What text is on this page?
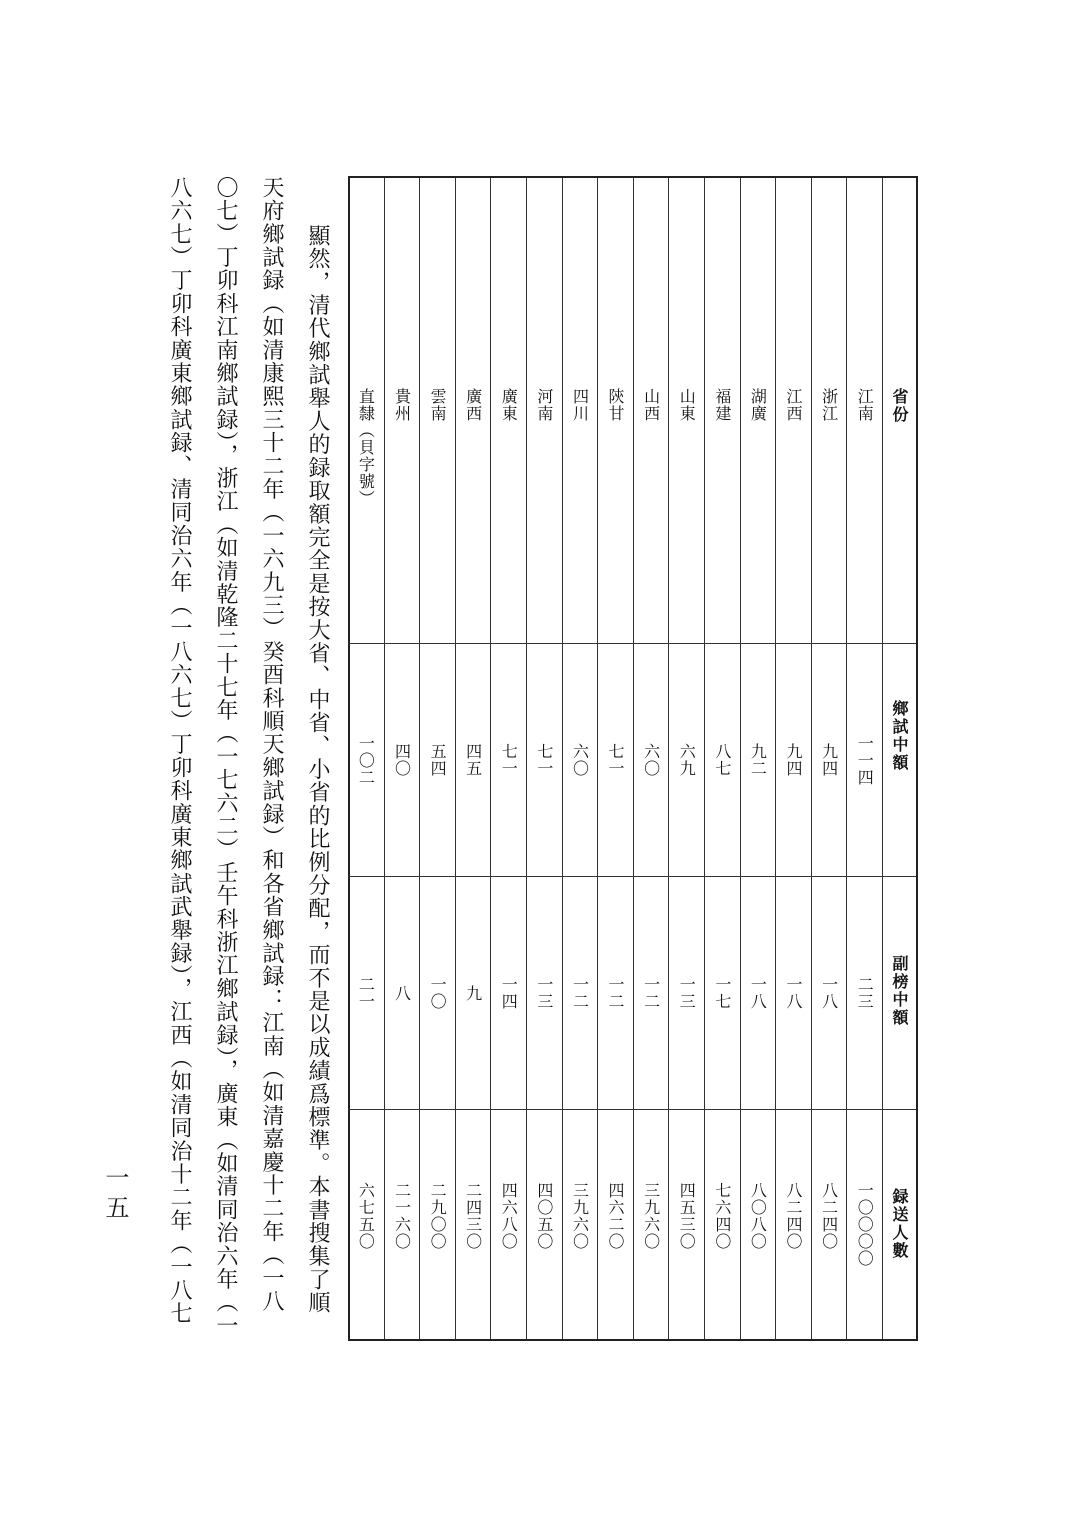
省份
鄉試中額
副榜中額
録送人數
江南
一一四
二三
一〇〇〇〇
浙江
九四
一八
八二四〇
江西
九四
一八
八二四〇
湖廣
九二
一八
八〇八〇
福建
八七
一七
七六四〇
山東
六九
一三
四五三〇
山西
六〇
一二
三九六〇
陝甘
七一
一二
四六二〇
四川
六〇
一二
三九六〇
河南
七一
一三
四〇五〇
廣東
七一
一四
四六八〇
廣西
四五
九
二四三〇
雲南
五四
一〇
二九〇〇
貴州
四〇
八
二一六〇
直隸（貝字號）
一〇二
二一
六七五〇
顯然，清代鄉試舉人的録取額完全是按大省、中省、小省的比例分配，而不是以成績爲標準。本書搜集了順
天府鄉試録（如清康熙三十二年（一六九三）癸酉科順天鄉試録）和各省鄉試録：江南（如清嘉慶十二年（一八
〇七）丁卯科江南鄉試録），浙江（如清乾隆二十七年（一七六二）壬午科浙江鄉試録），廣東（如清同治六年（一
八六七）丁卯科廣東鄉試録、清同治六年（一八六七）丁卯科廣東鄉試武舉録），江西（如清同治十二年（一八七
一五
